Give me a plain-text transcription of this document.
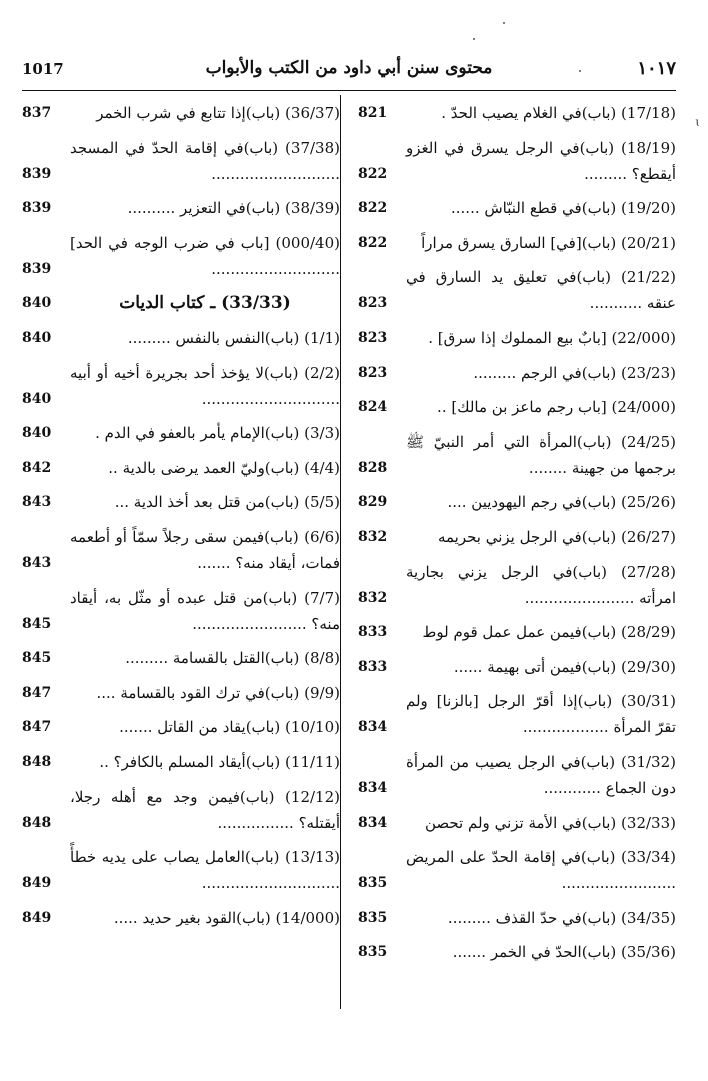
ɩ
١٠١٧
محتوى سنن أبي داود من الكتب والأبواب
1017
(17/18) (باب)في الغلام يصيب الحدّ .
821
(18/19) (باب)في الرجل يسرق في الغزو أيقطع؟ .........
822
(19/20) (باب)في قطع النبّاش ......
822
(20/21) (باب)[في] السارق يسرق مراراً
822
(21/22) (باب)في تعليق يد السارق في عنقه ...........
823
(22/000) [بابٌ بيع المملوك إذا سرق] .
823
(23/23) (باب)في الرجم .........
823
(24/000) [باب رجم ماعز بن مالك] ..
824
(24/25) (باب)المرأة التي أمر النبيّ ﷺ برجمها من جهينة ........
828
(25/26) (باب)في رجم اليهوديين ....
829
(26/27) (باب)في الرجل يزني بحريمه
832
(27/28) (باب)في الرجل يزني بجارية امرأته .......................
832
(28/29) (باب)فيمن عمل عمل قوم لوط
833
(29/30) (باب)فيمن أتى بهيمة ......
833
(30/31) (باب)إذا أقرّ الرجل [بالزنا] ولم تقرّ المرأة ..................
834
(31/32) (باب)في الرجل يصيب من المرأة دون الجماع ............
834
(32/33) (باب)في الأمة تزني ولم تحصن
834
(33/34) (باب)في إقامة الحدّ على المريض ........................
835
(34/35) (باب)في حدّ القذف .........
835
(35/36) (باب)الحدّ في الخمر .......
835
(36/37) (باب)إذا تتابع في شرب الخمر
837
(37/38) (باب)في إقامة الحدّ في المسجد ...........................
839
(38/39) (باب)في التعزير ..........
839
(000/40) [باب في ضرب الوجه في الحد] ...........................
839
(33/33) ـ كتاب الديات
840
(1/1) (باب)النفس بالنفس .........
840
(2/2) (باب)لا يؤخذ أحد بجريرة أخيه أو أبيه .............................
840
(3/3) (باب)الإمام يأمر بالعفو في الدم .
840
(4/4) (باب)وليّ العمد يرضى بالدية ..
842
(5/5) (باب)من قتل بعد أخذ الدية ...
843
(6/6) (باب)فيمن سقى رجلاً سمّاً أو أطعمه فمات، أيقاد منه؟ .......
843
(7/7) (باب)من قتل عبده أو مثّل به، أيقاد منه؟ ........................
845
(8/8) (باب)القتل بالقسامة .........
845
(9/9) (باب)في ترك القود بالقسامة ....
847
(10/10) (باب)يقاد من القاتل .......
847
(11/11) (باب)أيقاد المسلم بالكافر؟ ..
848
(12/12) (باب)فيمن وجد مع أهله رجلا، أيقتله؟ ................
848
(13/13) (باب)العامل يصاب على يديه خطأً .............................
849
(14/000) (باب)القود بغير حديد .....
849
